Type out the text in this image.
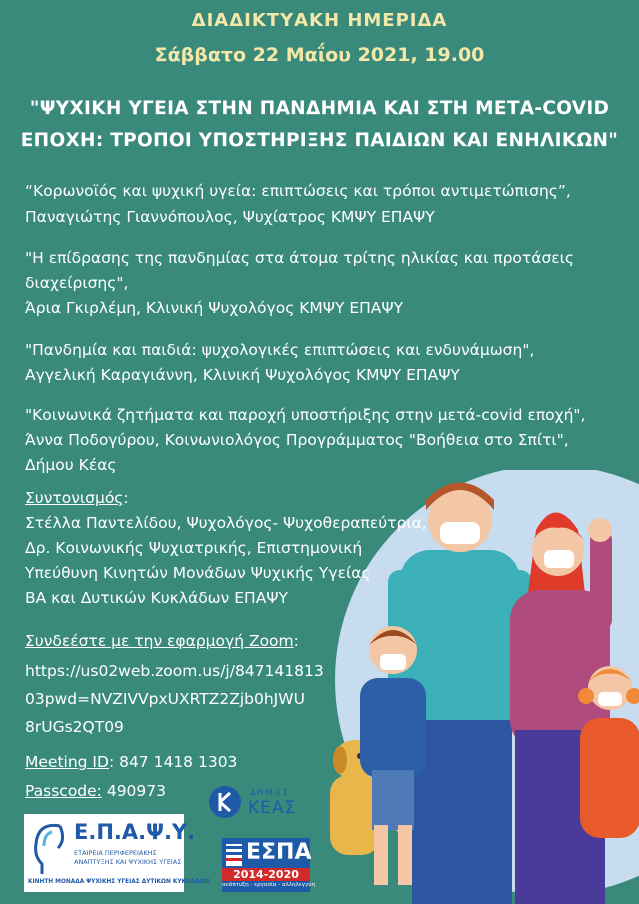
ΔΙΑΔΙΚΤΥΑΚΗ ΗΜΕΡΙΔΑ
Σάββατο 22 Μαΐου 2021, 19.00
"ΨΥΧΙΚΗ ΥΓΕΙΑ ΣΤΗΝ ΠΑΝΔΗΜΙΑ ΚΑΙ ΣΤΗ ΜΕΤΑ-COVID
ΕΠΟΧΗ: ΤΡΟΠΟΙ ΥΠΟΣΤΗΡΙΞΗΣ ΠΑΙΔΙΩΝ ΚΑΙ ΕΝΗΛΙΚΩΝ"
“Κορωνοϊός και ψυχική υγεία: επιπτώσεις και τρόποι αντιμετώπισης”,
Παναγιώτης Γιαννόπουλος, Ψυχίατρος ΚΜΨΥ ΕΠΑΨΥ
"Η επίδρασης της πανδημίας στα άτομα τρίτης ηλικίας και προτάσεις
διαχείρισης",
Άρια Γκιρλέμη, Κλινική Ψυχολόγος ΚΜΨΥ ΕΠΑΨΥ
"Πανδημία και παιδιά: ψυχολογικές επιπτώσεις και ενδυνάμωση",
Αγγελική Καραγιάννη, Κλινική Ψυχολόγος ΚΜΨΥ ΕΠΑΨΥ
"Κοινωνικά ζητήματα και παροχή υποστήριξης στην μετά-covid εποχή",
Άννα Ποδογύρου, Κοινωνιολόγος Προγράμματος "Βοήθεια στο Σπίτι",
Δήμου Κέας
Συντονισμός:
Στέλλα Παντελίδου, Ψυχολόγος- Ψυχοθεραπεύτρια,
Δρ. Κοινωνικής Ψυχιατρικής, Επιστημονική
Υπεύθυνη Κινητών Μονάδων Ψυχικής Υγείας
ΒΑ και Δυτικών Κυκλάδων ΕΠΑΨΥ
Συνδεέστε με την εφαρμογή Zoom:
https://us02web.zoom.us/j/847141813
03pwd=NVZIVVpxUXRTZ2Zjb0hJWU
8rUGs2QT09
Meeting ID: 847 1418 1303
Passcode: 490973
Ε.Π.Α.Ψ.Υ.
ΕΤΑΙΡΕΙΑ ΠΕΡΙΦΕΡΕΙΑΚΗΣ
ΑΝΑΠΤΥΞΗΣ ΚΑΙ ΨΥΧΙΚΗΣ ΥΓΕΙΑΣ
ΚΙΝΗΤΗ ΜΟΝΑΔΑ ΨΥΧΙΚΗΣ ΥΓΕΙΑΣ ΔΥΤΙΚΩΝ ΚΥΚΛΑΔΩΝ
ΔΗΜΟΣ
ΚΕΑΣ
ΕΣΠΑ
2014-2020
ανάπτυξη - εργασία - αλληλεγγύη
